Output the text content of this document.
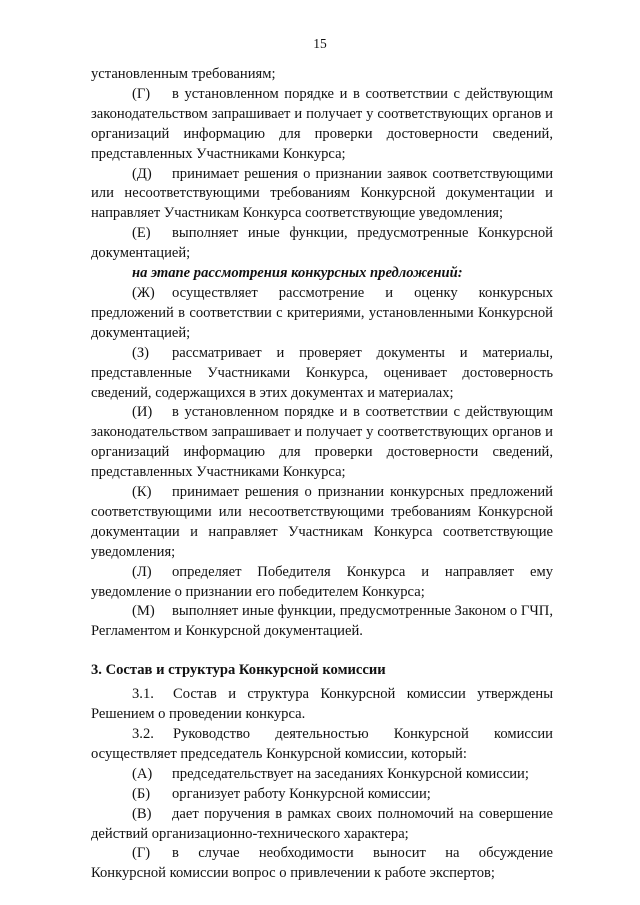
15

установленным требованиям;

(Г) в установленном порядке и в соответствии с действующим законодательством запрашивает и получает у соответствующих органов и организаций информацию для проверки достоверности сведений, представленных Участниками Конкурса;

(Д) принимает решения о признании заявок соответствующими или несоответствующими требованиям Конкурсной документации и направляет Участникам Конкурса соответствующие уведомления;

(Е) выполняет иные функции, предусмотренные Конкурсной документацией;

на этапе рассмотрения конкурсных предложений:

(Ж) осуществляет рассмотрение и оценку конкурсных предложений в соответствии с критериями, установленными Конкурсной документацией;

(З) рассматривает и проверяет документы и материалы, представленные Участниками Конкурса, оценивает достоверность сведений, содержащихся в этих документах и материалах;

(И) в установленном порядке и в соответствии с действующим законодательством запрашивает и получает у соответствующих органов и организаций информацию для проверки достоверности сведений, представленных Участниками Конкурса;

(К) принимает решения о признании конкурсных предложений соответствующими или несоответствующими требованиям Конкурсной документации и направляет Участникам Конкурса соответствующие уведомления;

(Л) определяет Победителя Конкурса и направляет ему уведомление о признании его победителем Конкурса;

(М) выполняет иные функции, предусмотренные Законом о ГЧП, Регламентом и Конкурсной документацией.

3. Состав и структура Конкурсной комиссии

3.1. Состав и структура Конкурсной комиссии утверждены Решением о проведении конкурса.

3.2. Руководство деятельностью Конкурсной комиссии осуществляет председатель Конкурсной комиссии, который:

(А) председательствует на заседаниях Конкурсной комиссии;

(Б) организует работу Конкурсной комиссии;

(В) дает поручения в рамках своих полномочий на совершение действий организационно-технического характера;

(Г) в случае необходимости выносит на обсуждение Конкурсной комиссии вопрос о привлечении к работе экспертов;
